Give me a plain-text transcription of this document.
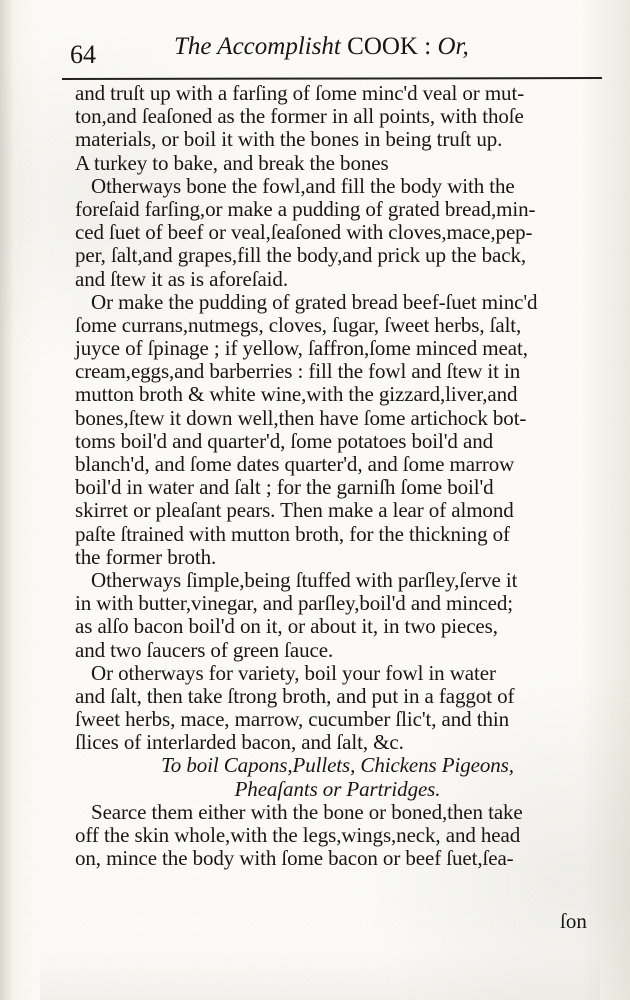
64	The Accomplisht COOK : Or,
and truſt up with a farſing of ſome minc'd veal or mut-
ton,and ſeaſoned as the former in all points, with thoſe
materials, or boil it with the bones in being truſt up.
A turkey to bake, and break the bones
Otherways bone the fowl,and fill the body with the
foreſaid farſing,or make a pudding of grated bread,min-
ced ſuet of beef or veal,ſeaſoned with cloves,mace,pep-
per, ſalt,and grapes,fill the body,and prick up the back,
and ſtew it as is aforeſaid.
Or make the pudding of grated bread beef-ſuet minc'd
ſome currans,nutmegs, cloves, ſugar, ſweet herbs, ſalt,
juyce of ſpinage ; if yellow, ſaffron,ſome minced meat,
cream,eggs,and barberries : fill the fowl and ſtew it in
mutton broth & white wine,with the gizzard,liver,and
bones,ſtew it down well,then have ſome artichock bot-
toms boil'd and quarter'd, ſome potatoes boil'd and
blanch'd, and ſome dates quarter'd, and ſome marrow
boil'd in water and ſalt ; for the garniſh ſome boil'd
skirret or pleaſant pears. Then make a lear of almond
paſte ſtrained with mutton broth, for the thickning of
the former broth.
Otherways ſimple,being ſtuffed with parſley,ſerve it
in with butter,vinegar, and parſley,boil'd and minced;
as alſo bacon boil'd on it, or about it, in two pieces,
and two ſaucers of green ſauce.
Or otherways for variety, boil your fowl in water
and ſalt, then take ſtrong broth, and put in a faggot of
ſweet herbs, mace, marrow, cucumber ſlic't, and thin
ſlices of interlarded bacon, and ſalt, &c.
To boil Capons,Pullets, Chickens Pigeons,
Pheaſants or Partridges.
Searce them either with the bone or boned,then take
off the skin whole,with the legs,wings,neck, and head
on, mince the body with ſome bacon or beef ſuet,ſea-
ſon
